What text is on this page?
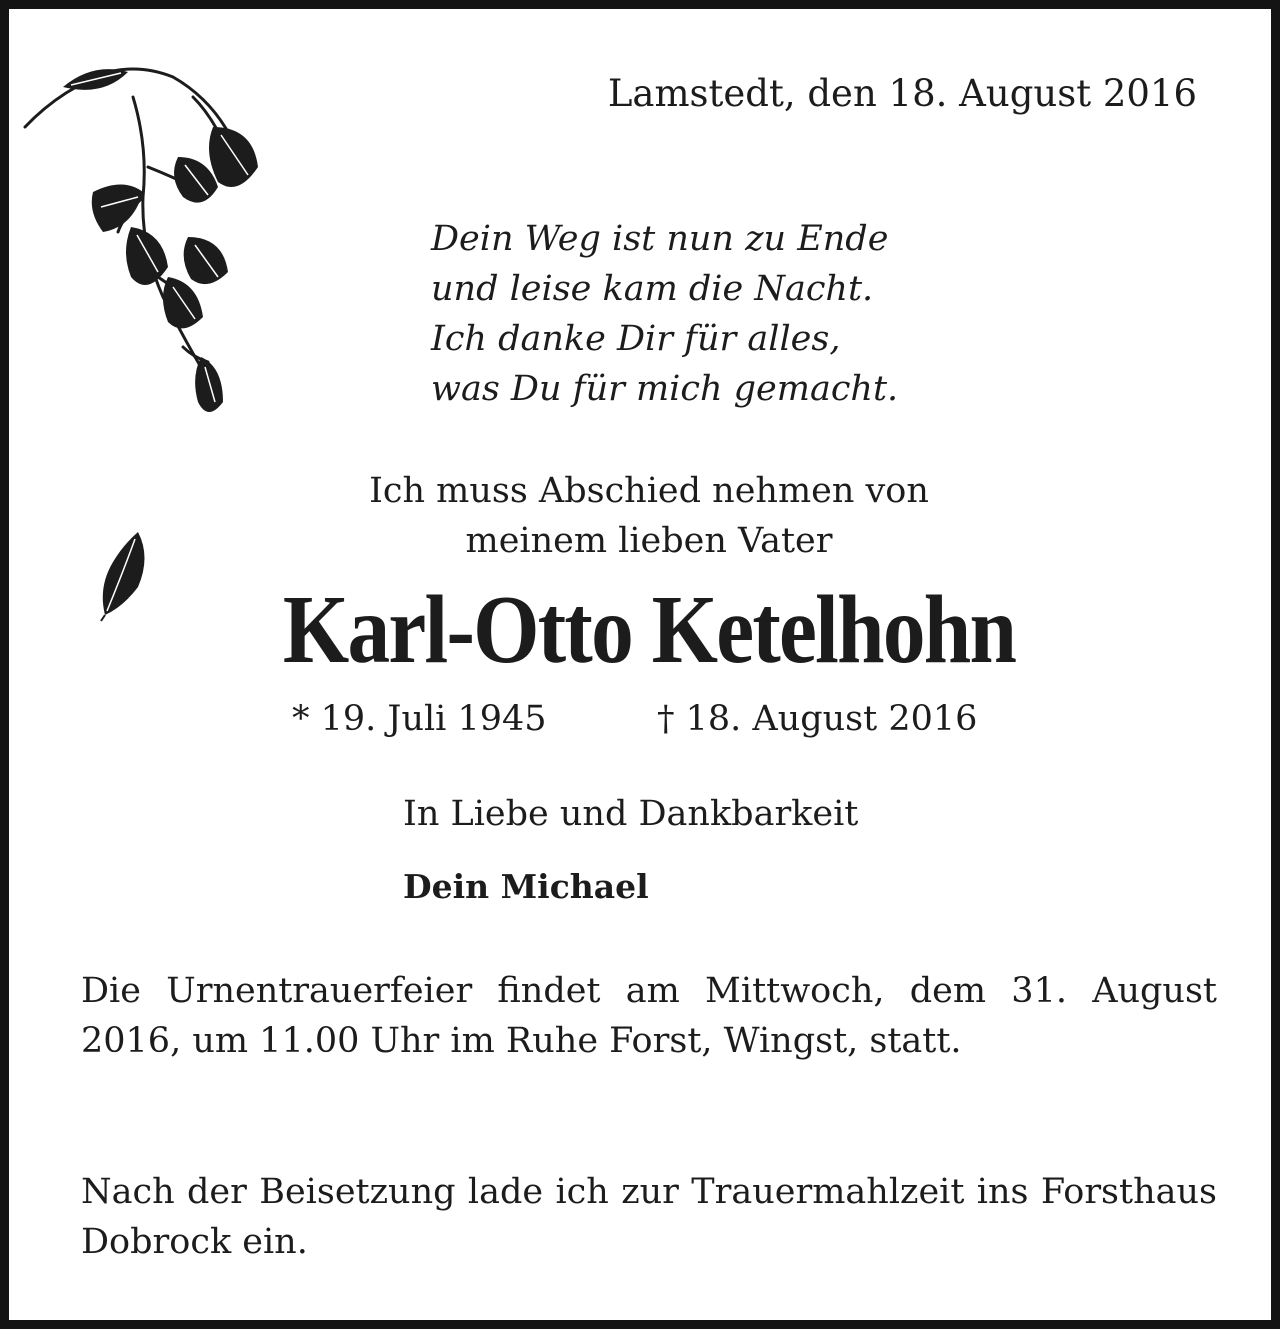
Lamstedt, den 18. August 2016

Dein Weg ist nun zu Ende
und leise kam die Nacht.
Ich danke Dir für alles,
was Du für mich gemacht.
Ich muss Abschied nehmen von
meinem lieben Vater
Karl-Otto Ketelhohn

* 19. Juli 1945	† 18. August 2016

In Liebe und Dankbarkeit

Dein Michael

Die Urnentrauerfeier findet am Mittwoch, dem 31. August 2016, um 11.00 Uhr im Ruhe Forst, Wingst, statt.

Nach der Beisetzung lade ich zur Trauermahlzeit ins Forsthaus Dobrock ein.
